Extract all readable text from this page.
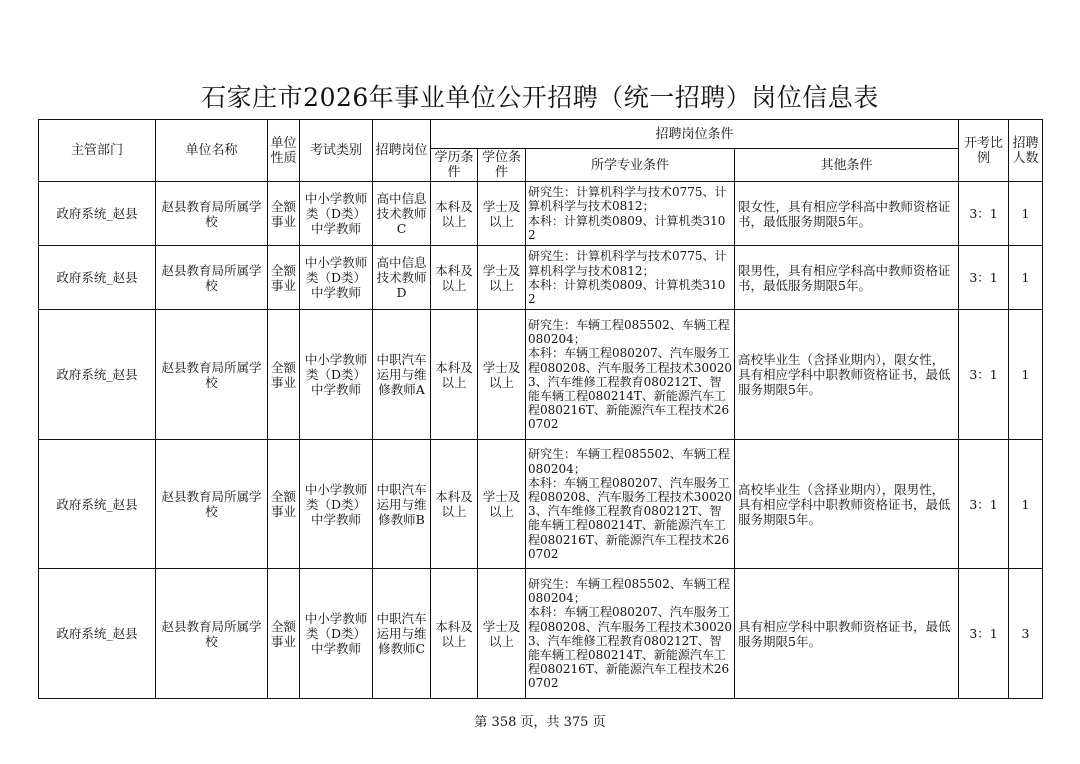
石家庄市2026年事业单位公开招聘（统一招聘）岗位信息表
主管部门	单位名称	单位性质	考试类别	招聘岗位	招聘岗位条件				开考比例	招聘人数
					学历条件	学位条件	所学专业条件	其他条件		
政府系统_赵县	赵县教育局所属学校	全额事业	中小学教师类（D类）中学教师	高中信息技术教师C	本科及以上	学士及以上	研究生：计算机科学与技术0775、计算机科学与技术0812；
本科：计算机类0809、计算机类3102	限女性，具有相应学科高中教师资格证书，最低服务期限5年。	3：1	1
政府系统_赵县	赵县教育局所属学校	全额事业	中小学教师类（D类）中学教师	高中信息技术教师D	本科及以上	学士及以上	研究生：计算机科学与技术0775、计算机科学与技术0812；
本科：计算机类0809、计算机类3102	限男性，具有相应学科高中教师资格证书，最低服务期限5年。	3：1	1
政府系统_赵县	赵县教育局所属学校	全额事业	中小学教师类（D类）中学教师	中职汽车运用与维修教师A	本科及以上	学士及以上	研究生：车辆工程085502、车辆工程080204；
本科：车辆工程080207、汽车服务工程080208、汽车服务工程技术300203、汽车维修工程教育080212T、智能车辆工程080214T、新能源汽车工程080216T、新能源汽车工程技术260702	高校毕业生（含择业期内），限女性，具有相应学科中职教师资格证书，最低服务期限5年。	3：1	1
政府系统_赵县	赵县教育局所属学校	全额事业	中小学教师类（D类）中学教师	中职汽车运用与维修教师B	本科及以上	学士及以上	研究生：车辆工程085502、车辆工程080204；
本科：车辆工程080207、汽车服务工程080208、汽车服务工程技术300203、汽车维修工程教育080212T、智能车辆工程080214T、新能源汽车工程080216T、新能源汽车工程技术260702	高校毕业生（含择业期内），限男性，具有相应学科中职教师资格证书，最低服务期限5年。	3：1	1
政府系统_赵县	赵县教育局所属学校	全额事业	中小学教师类（D类）中学教师	中职汽车运用与维修教师C	本科及以上	学士及以上	研究生：车辆工程085502、车辆工程080204；
本科：车辆工程080207、汽车服务工程080208、汽车服务工程技术300203、汽车维修工程教育080212T、智能车辆工程080214T、新能源汽车工程080216T、新能源汽车工程技术260702	具有相应学科中职教师资格证书，最低服务期限5年。	3：1	3
第 358 页，共 375 页
